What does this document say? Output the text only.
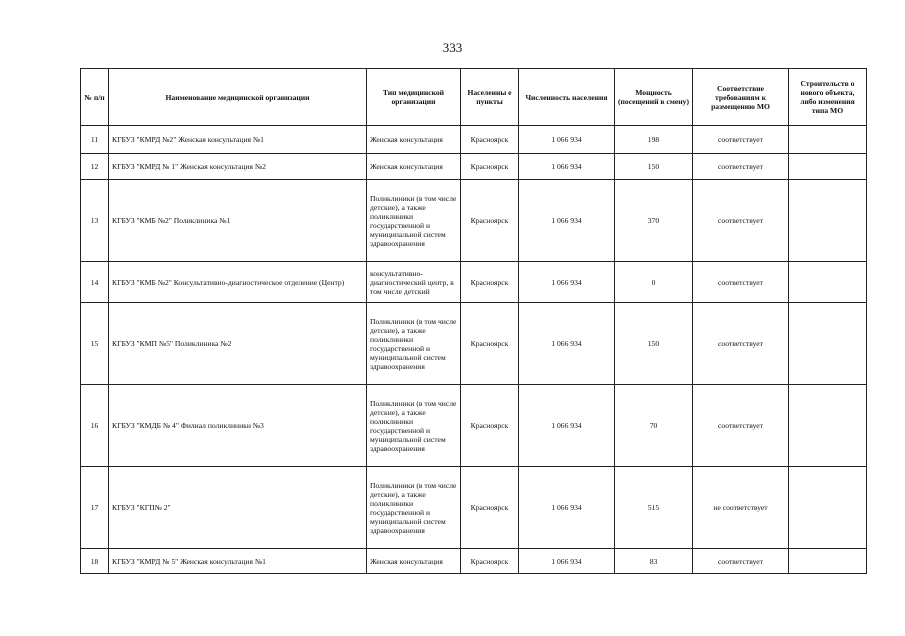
333
№ п/п	Наименование медицинской организации	Тип медицинской организации	Населенны е пункты	Численность населения	Мощность (посещений в смену)	Соответствие требованиям к размещению МО	Строительств о нового объекта, либо изменения типа МО
11	КГБУЗ "КМРД №2" Женская консультация №1	Женская консультация	Красноярск	1 066 934	198	соответствует	
12	КГБУЗ "КМРД № 1" Женская консультация №2	Женская консультация	Красноярск	1 066 934	150	соответствует	
13	КГБУЗ "КМБ №2" Поликлиника №1	Поликлиники (в том числе детские), а также поликлиники государственной и муниципальной систем здравоохранения	Красноярск	1 066 934	370	соответствует	
14	КГБУЗ "КМБ №2" Консультативно-диагностическое отделение (Центр)	консультативно-диагностический центр, в том числе детский	Красноярск	1 066 934	0	соответствует	
15	КГБУЗ "КМП №5" Поликлиника №2	Поликлиники (в том числе детские), а также поликлиники государственной и муниципальной систем здравоохранения	Красноярск	1 066 934	150	соответствует	
16	КГБУЗ "КМДБ № 4" Филиал поликлиники №3	Поликлиники (в том числе детские), а также поликлиники государственной и муниципальной систем здравоохранения	Красноярск	1 066 934	70	соответствует	
17	КГБУЗ "КГП№ 2"	Поликлиники (в том числе детские), а также поликлиники государственной и муниципальной систем здравоохранения	Красноярск	1 066 934	515	не соответствует	
18	КГБУЗ "КМРД № 5" Женская консультация №1	Женская консультация	Красноярск	1 066 934	83	соответствует	
